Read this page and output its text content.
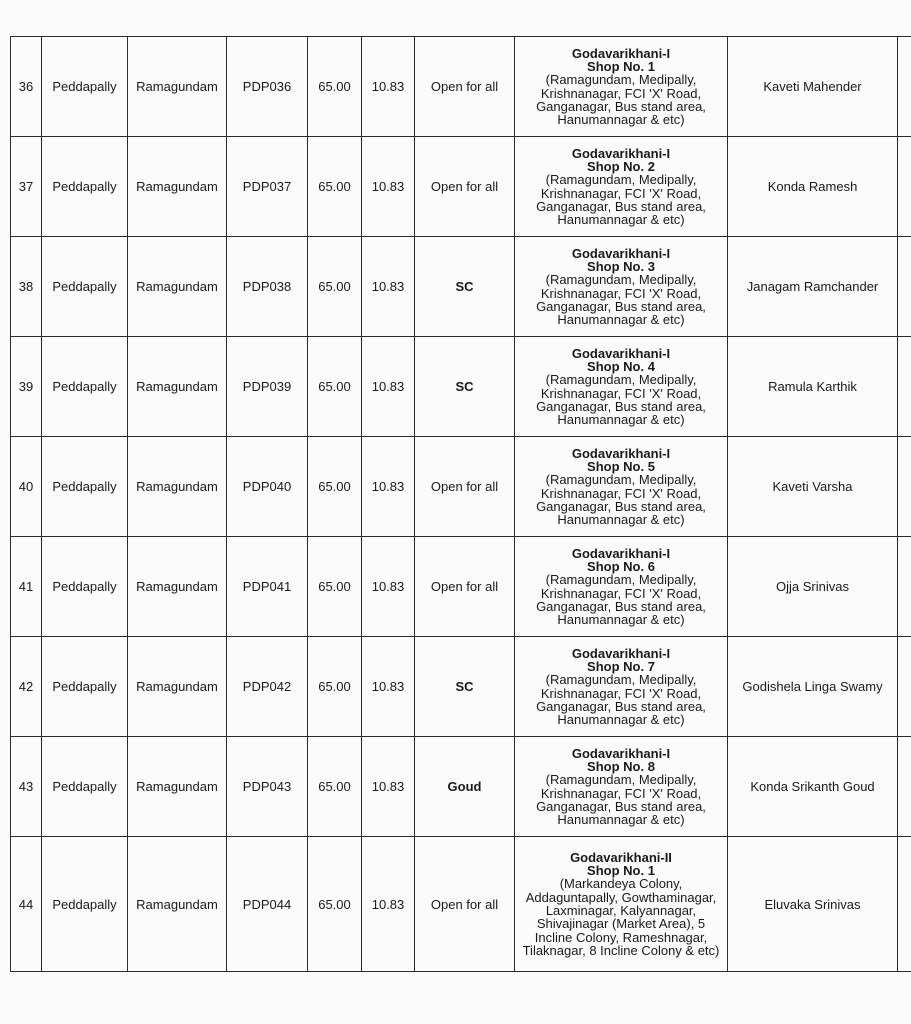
36	Peddapally	Ramagundam	PDP036	65.00	10.83	Open for all	Godavarikhani-I
Shop No. 1
(Ramagundam, Medipally, Krishnanagar, FCI 'X' Road, Ganganagar, Bus stand area, Hanumannagar & etc)	Kaveti Mahender	
37	Peddapally	Ramagundam	PDP037	65.00	10.83	Open for all	Godavarikhani-I
Shop No. 2
(Ramagundam, Medipally, Krishnanagar, FCI 'X' Road, Ganganagar, Bus stand area, Hanumannagar & etc)	Konda Ramesh	
38	Peddapally	Ramagundam	PDP038	65.00	10.83	SC	Godavarikhani-I
Shop No. 3
(Ramagundam, Medipally, Krishnanagar, FCI 'X' Road, Ganganagar, Bus stand area, Hanumannagar & etc)	Janagam Ramchander	
39	Peddapally	Ramagundam	PDP039	65.00	10.83	SC	Godavarikhani-I
Shop No. 4
(Ramagundam, Medipally, Krishnanagar, FCI 'X' Road, Ganganagar, Bus stand area, Hanumannagar & etc)	Ramula Karthik	
40	Peddapally	Ramagundam	PDP040	65.00	10.83	Open for all	Godavarikhani-I
Shop No. 5
(Ramagundam, Medipally, Krishnanagar, FCI 'X' Road, Ganganagar, Bus stand area, Hanumannagar & etc)	Kaveti Varsha	
41	Peddapally	Ramagundam	PDP041	65.00	10.83	Open for all	Godavarikhani-I
Shop No. 6
(Ramagundam, Medipally, Krishnanagar, FCI 'X' Road, Ganganagar, Bus stand area, Hanumannagar & etc)	Ojja Srinivas	
42	Peddapally	Ramagundam	PDP042	65.00	10.83	SC	Godavarikhani-I
Shop No. 7
(Ramagundam, Medipally, Krishnanagar, FCI 'X' Road, Ganganagar, Bus stand area, Hanumannagar & etc)	Godishela Linga Swamy	
43	Peddapally	Ramagundam	PDP043	65.00	10.83	Goud	Godavarikhani-I
Shop No. 8
(Ramagundam, Medipally, Krishnanagar, FCI 'X' Road, Ganganagar, Bus stand area, Hanumannagar & etc)	Konda Srikanth Goud	
44	Peddapally	Ramagundam	PDP044	65.00	10.83	Open for all	Godavarikhani-II
Shop No. 1
(Markandeya Colony, Addaguntapally, Gowthaminagar, Laxminagar, Kalyannagar, Shivajinagar (Market Area), 5 Incline Colony, Rameshnagar, Tilaknagar, 8 Incline Colony & etc)	Eluvaka Srinivas	
